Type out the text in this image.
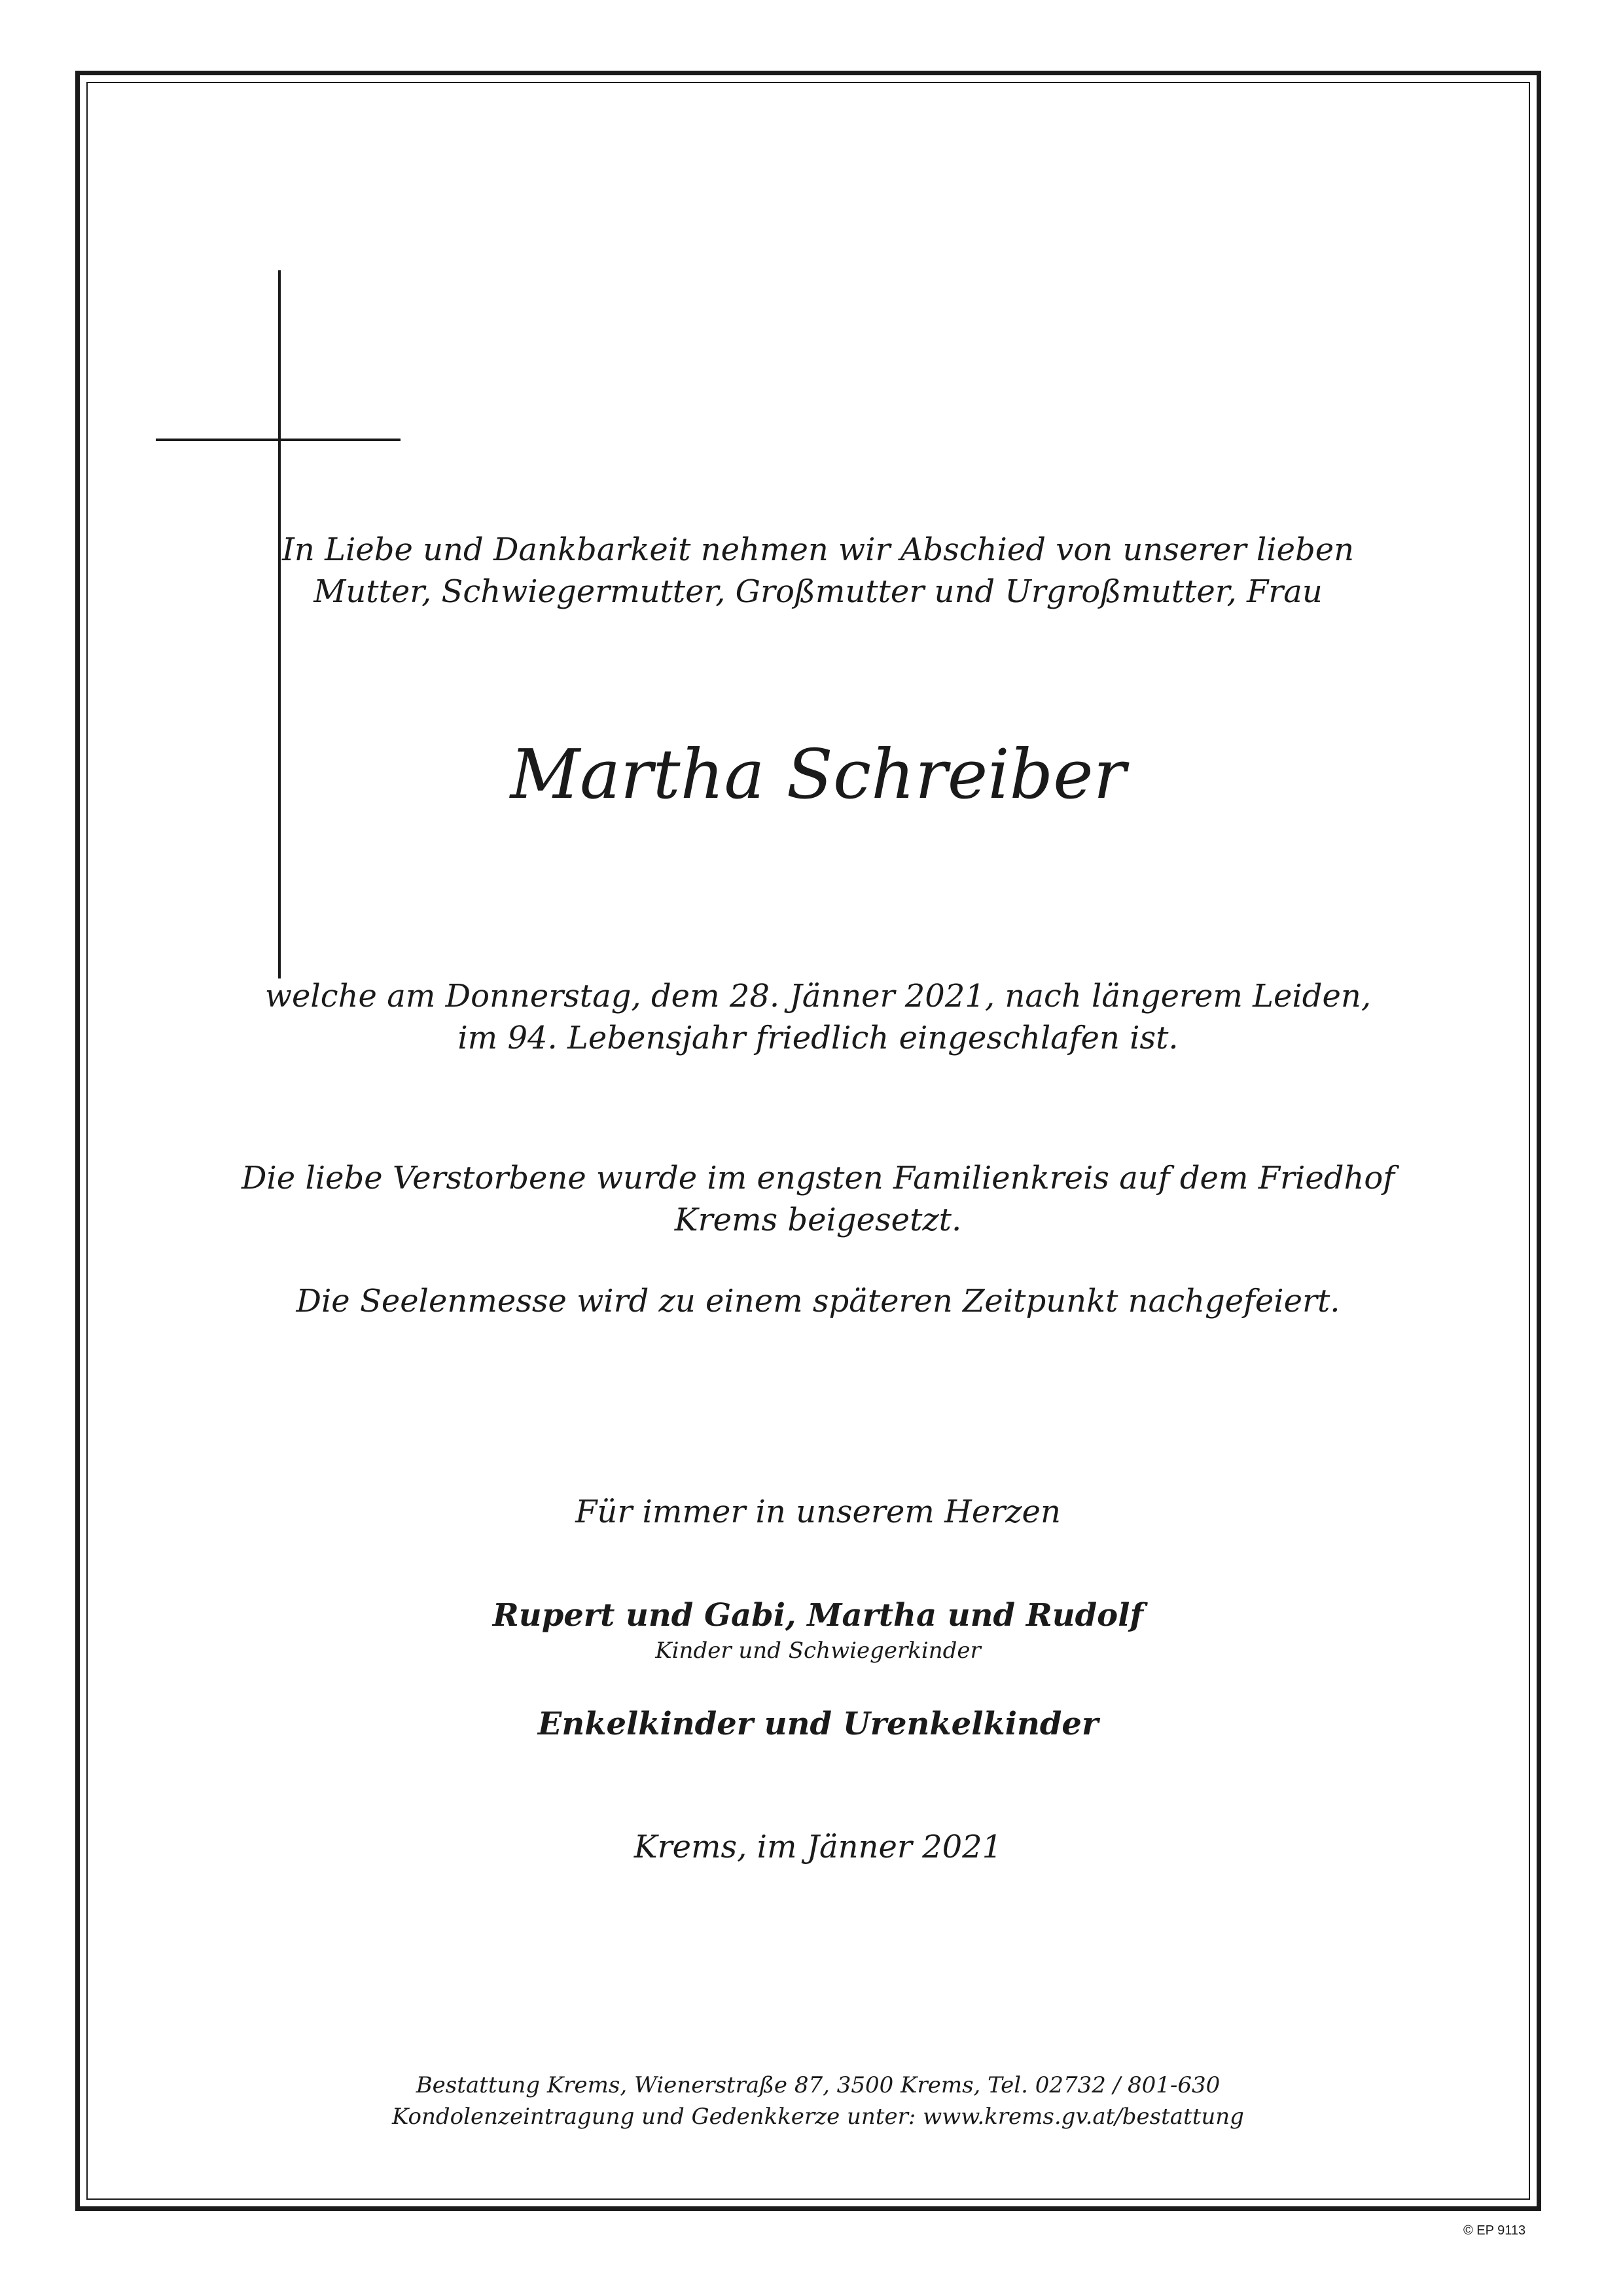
In Liebe und Dankbarkeit nehmen wir Abschied von unserer lieben
Mutter, Schwiegermutter, Großmutter und Urgroßmutter, Frau
Martha Schreiber
welche am Donnerstag, dem 28. Jänner 2021, nach längerem Leiden,
im 94. Lebensjahr friedlich eingeschlafen ist.
Die liebe Verstorbene wurde im engsten Familienkreis auf dem Friedhof
Krems beigesetzt.
Die Seelenmesse wird zu einem späteren Zeitpunkt nachgefeiert.
Für immer in unserem Herzen
Rupert und Gabi, Martha und Rudolf
Kinder und Schwiegerkinder
Enkelkinder und Urenkelkinder
Krems, im Jänner 2021
Bestattung Krems, Wienerstraße 87, 3500 Krems, Tel. 02732 / 801-630
Kondolenzeintragung und Gedenkkerze unter: www.krems.gv.at/bestattung
© EP 9113
